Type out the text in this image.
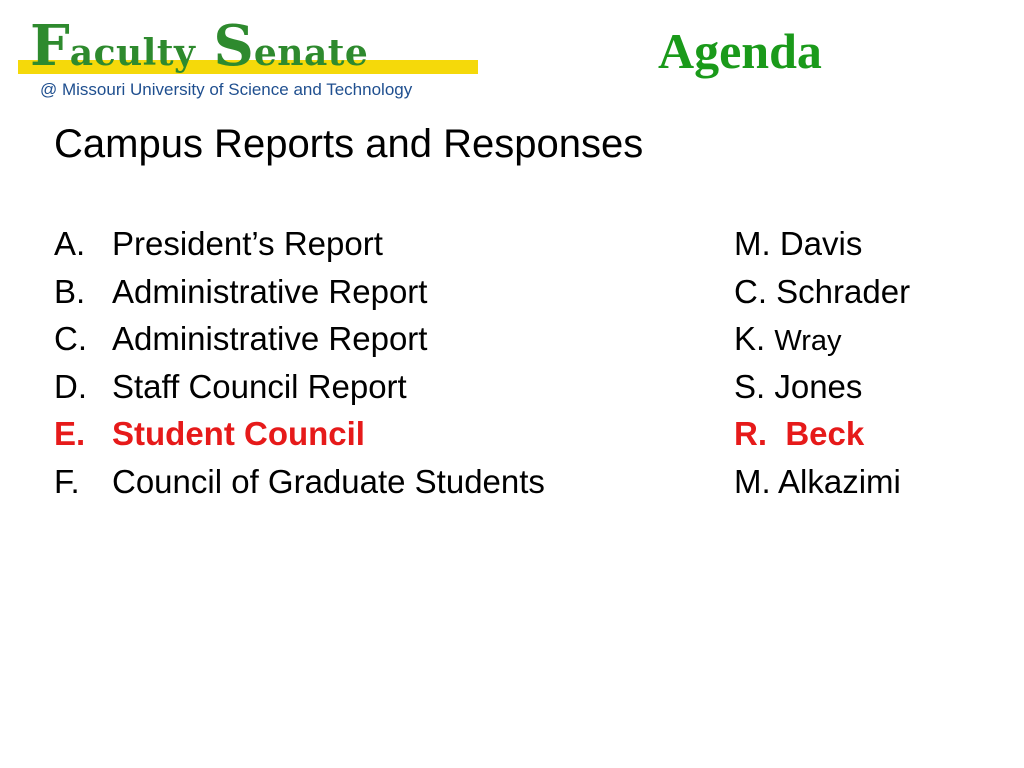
Faculty Senate
@ Missouri University of Science and Technology
Agenda
Campus Reports and Responses
A. President’s Report	M. Davis
B. Administrative Report	C. Schrader
C. Administrative Report	K. Wray
D. Staff Council Report	S. Jones
E. Student Council	R.  Beck
F. Council of Graduate Students	M. Alkazimi
